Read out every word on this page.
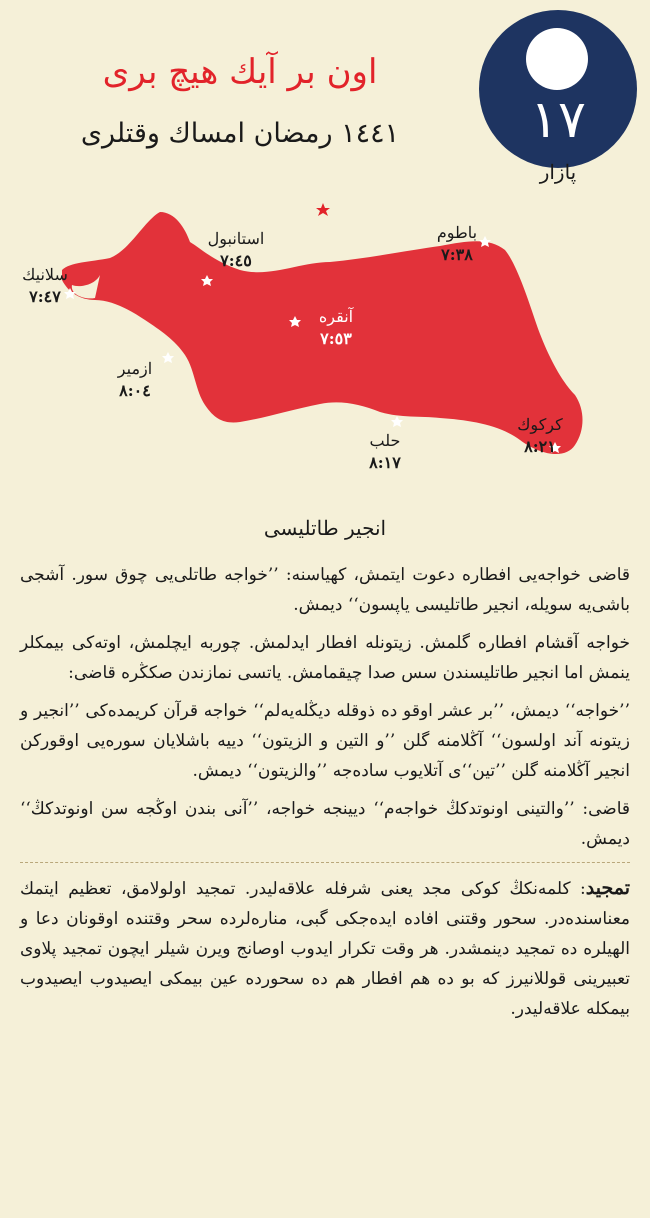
١٧
پازار
اون بر آیك هیچ بری
١٤٤١ رمضان امساك وقتلری
استانبول
٧:٤٥
باطوم
٧:٣٨
سلانیك
٧:٤٧
آنقره
٧:٥٣
ازمیر
٨:٠٤
كركوك
٨:٢١
حلب
٨:١٧
انجیر طاتلیسی

قاضی خواجه‌یی افطاره دعوت ایتمش، كهیاسنه: ’’خواجه طاتلی‌یی چوق سور. آشجی باشی‌یه سویله، انجیر طاتلیسی یاپسون‘‘ دیمش.

خواجه آقشام افطاره گلمش. زیتونله افطار ایدلمش. چوربه ایچلمش، اوته‌كی بیمكلر ینمش اما انجیر طاتلیسندن سس صدا چیقمامش. یاتسی نمازندن صكڭره قاضی:

’’خواجه‘‘ دیمش، ’’بر عشر اوقو ده ذوقله دیڭله‌یه‌لم‘‘ خواجه قرآن كریمده‌كی ’’انجیر و زیتونه آند اولسون‘‘ آڭلامنه گلن ’’و التین و الزیتون‘‘ دییه باشلایان سوره‌یی اوقوركن انجیر آڭلامنه گلن ’’تین‘‘ی آتلایوب ساده‌جه ’’والزیتون‘‘ دیمش.

قاضی: ’’والتینی اونوتدكڭ خواجه‌م‘‘ دیینجه خواجه، ’’آنی بندن اوڭجه سن اونوتدكڭ‘‘ دیمش.

تمجید: كلمه‌نكڭ كوكی مجد یعنی شرفله علاقه‌لیدر. تمجید اولولامق، تعظیم ایتمك معناسنده‌در. سحور وقتنی افاده ایده‌جكی گبی، مناره‌لرده سحر وقتنده اوقونان دعا و الهیلره ده تمجید دینمشدر. هر وقت تكرار ایدوب اوصانج ویرن شیلر ایچون تمجید پلاوی تعبیرینی قوللانیرز كه بو ده هم افطار هم ده سحورده عین بیمكی ایصیدوب ایصیدوب بیمكله علاقه‌لیدر.
